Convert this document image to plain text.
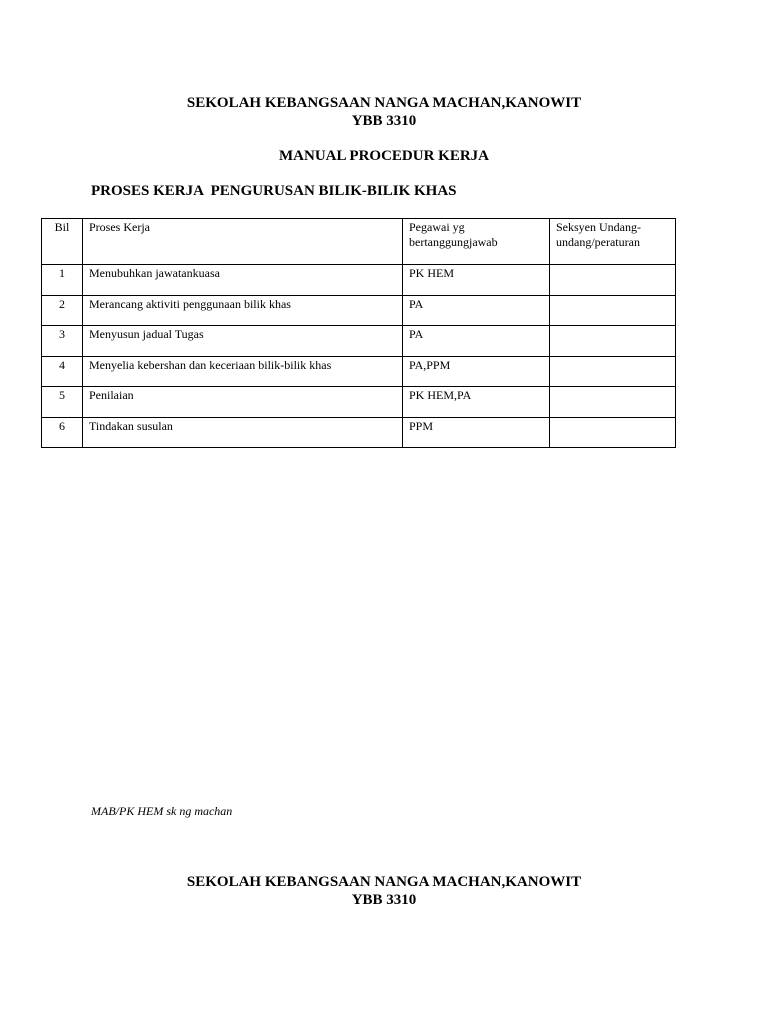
SEKOLAH KEBANGSAAN NANGA MACHAN,KANOWIT
YBB 3310
MANUAL PROCEDUR KERJA
PROSES KERJA  PENGURUSAN BILIK-BILIK KHAS
Bil	Proses Kerja	Pegawai yg bertanggungjawab	Seksyen Undang-undang/peraturan
1	Menubuhkan jawatankuasa	PK HEM	
2	Merancang aktiviti penggunaan bilik khas	PA	
3	Menyusun jadual Tugas	PA	
4	Menyelia kebershan dan keceriaan bilik-bilik khas	PA,PPM	
5	Penilaian	PK HEM,PA	
6	Tindakan susulan	PPM	
MAB/PK HEM sk ng machan
SEKOLAH KEBANGSAAN NANGA MACHAN,KANOWIT
YBB 3310
